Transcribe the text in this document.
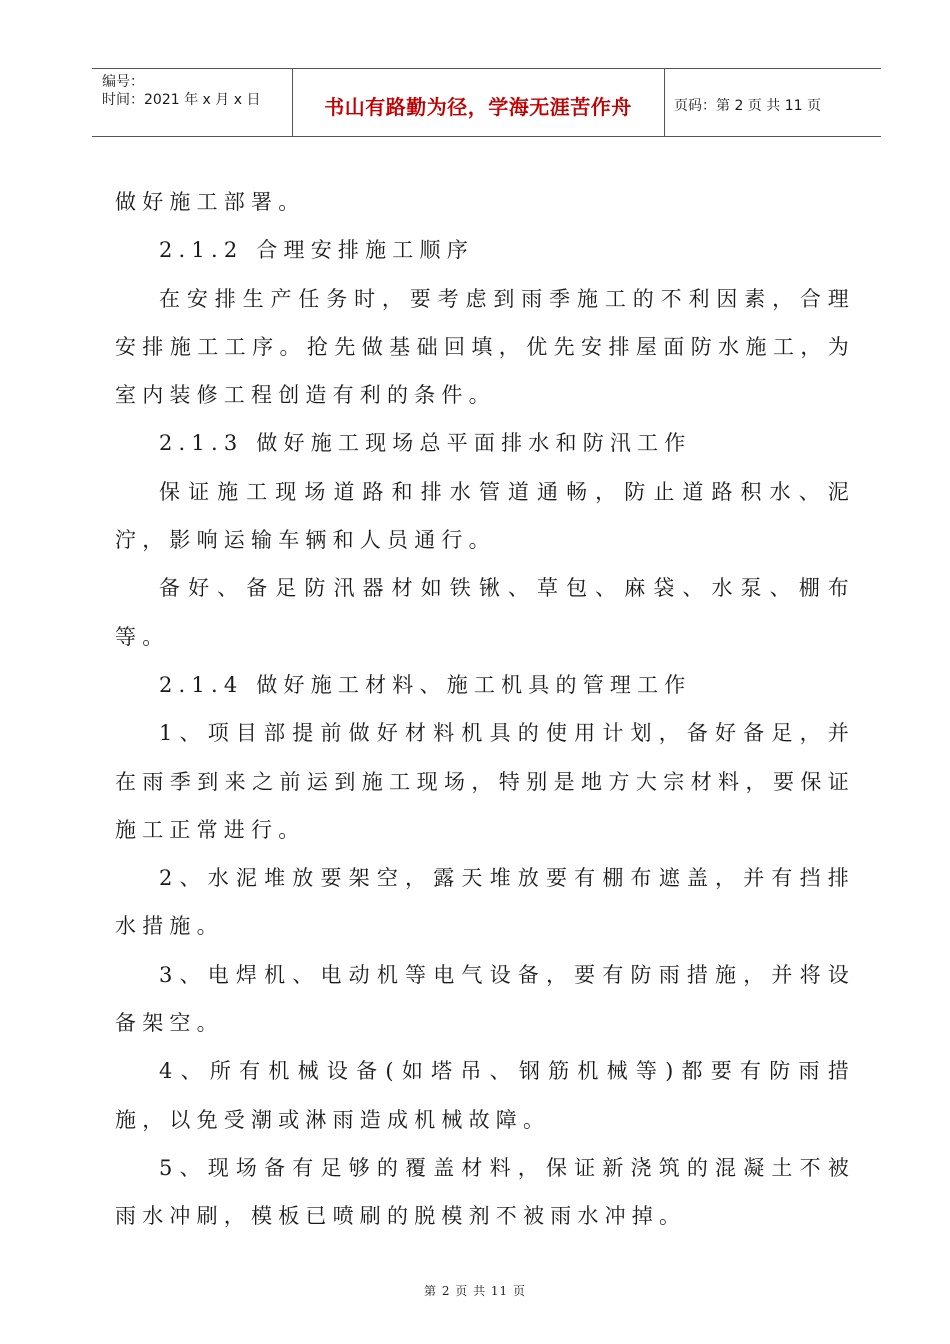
编号：
时间：2021 年 x 月 x 日	书山有路勤为径，学海无涯苦作舟	页码：第 2 页 共 11 页

做好施工部署。

2.1.2 合理安排施工顺序

在安排生产任务时，要考虑到雨季施工的不利因素，合理安排施工工序。抢先做基础回填，优先安排屋面防水施工，为室内装修工程创造有利的条件。

2.1.3 做好施工现场总平面排水和防汛工作

保证施工现场道路和排水管道通畅，防止道路积水、泥泞，影响运输车辆和人员通行。

备好、备足防汛器材如铁锹、草包、麻袋、水泵、棚布等。

2.1.4 做好施工材料、施工机具的管理工作

1、项目部提前做好材料机具的使用计划，备好备足，并在雨季到来之前运到施工现场，特别是地方大宗材料，要保证施工正常进行。

2、水泥堆放要架空，露天堆放要有棚布遮盖，并有挡排水措施。

3、电焊机、电动机等电气设备，要有防雨措施，并将设备架空。

4、所有机械设备(如塔吊、钢筋机械等)都要有防雨措施，以免受潮或淋雨造成机械故障。

5、现场备有足够的覆盖材料，保证新浇筑的混凝土不被雨水冲刷，模板已喷刷的脱模剂不被雨水冲掉。

第 2 页 共 11 页
